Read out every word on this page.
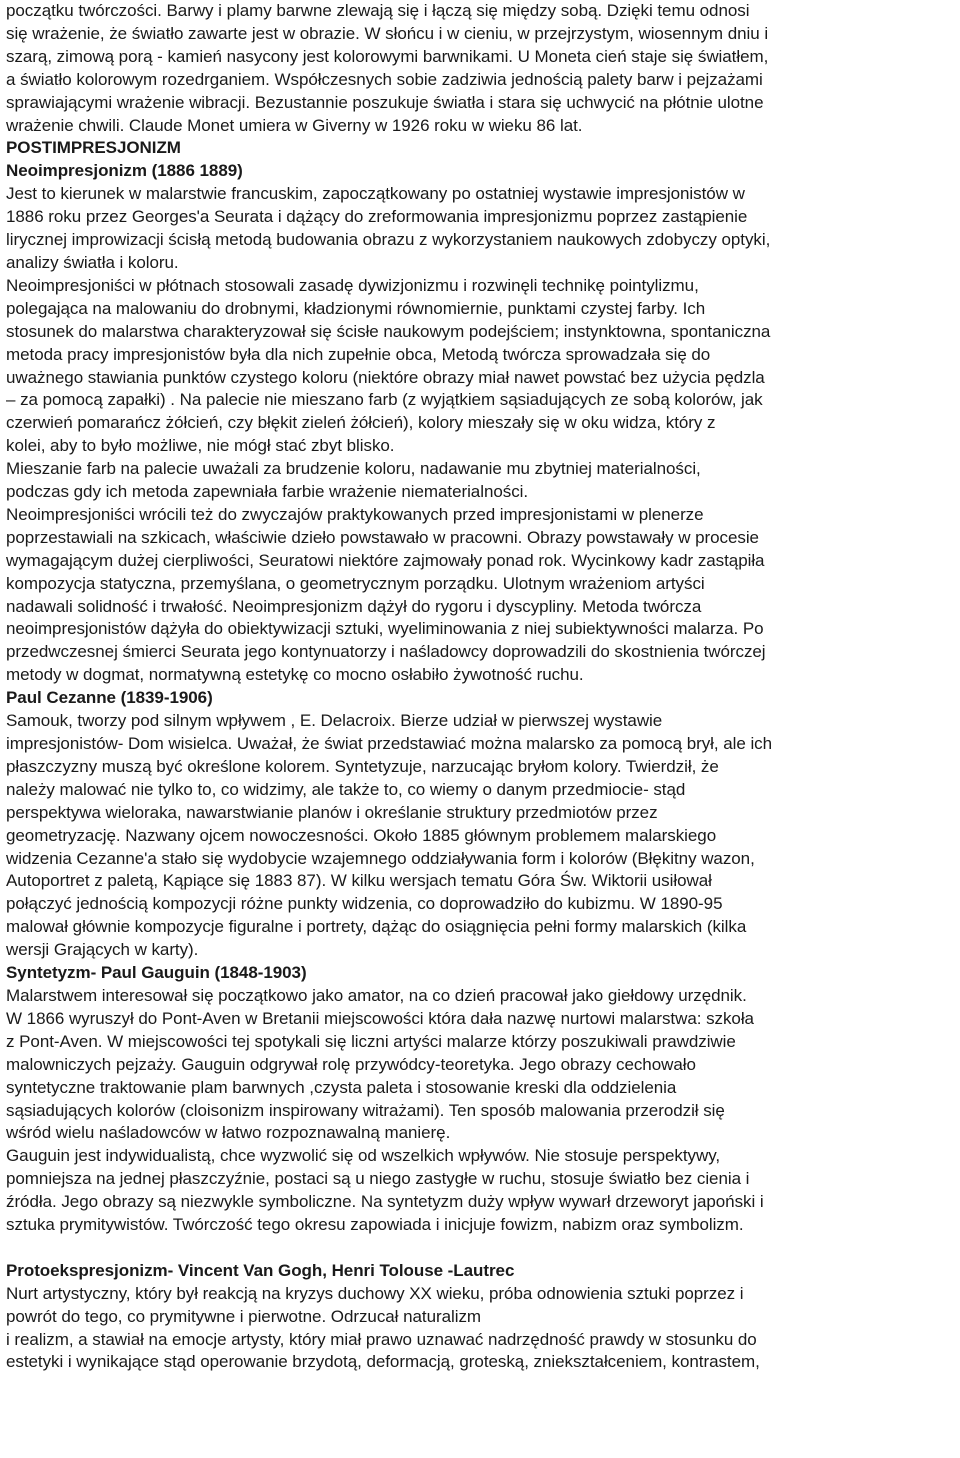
początku twórczości. Barwy i plamy barwne zlewają się i łączą się między sobą. Dzięki temu odnosi
się wrażenie, że światło zawarte jest w obrazie. W słońcu i w cieniu, w przejrzystym, wiosennym dniu i
szarą, zimową porą - kamień nasycony jest kolorowymi barwnikami. U Moneta cień staje się światłem,
a światło kolorowym rozedrganiem. Współczesnych sobie zadziwia jednością palety barw i pejzażami
sprawiającymi wrażenie wibracji. Bezustannie poszukuje światła i stara się uchwycić na płótnie ulotne
wrażenie chwili. Claude Monet umiera w Giverny w 1926 roku w wieku 86 lat.
POSTIMPRESJONIZM
Neoimpresjonizm (1886 1889)
Jest to kierunek w malarstwie francuskim, zapoczątkowany po ostatniej wystawie impresjonistów w
1886 roku przez Georges'a Seurata i dążący do zreformowania impresjonizmu poprzez zastąpienie
lirycznej improwizacji ścisłą metodą budowania obrazu z wykorzystaniem naukowych zdobyczy optyki,
analizy światła i koloru.
Neoimpresjoniści w płótnach stosowali zasadę dywizjonizmu i rozwinęli technikę pointylizmu,
polegająca na malowaniu do drobnymi, kładzionymi równomiernie, punktami czystej farby. Ich
stosunek do malarstwa charakteryzował się ścisłe naukowym podejściem; instynktowna, spontaniczna
metoda pracy impresjonistów była dla nich zupełnie obca, Metodą twórcza sprowadzała się do
uważnego stawiania punktów czystego koloru (niektóre obrazy miał nawet powstać bez użycia pędzla
– za pomocą zapałki) . Na palecie nie mieszano farb (z wyjątkiem sąsiadujących ze sobą kolorów, jak
czerwień pomarańcz żółcień, czy błękit zieleń żółcień), kolory mieszały się w oku widza, który z
kolei, aby to było możliwe, nie mógł stać zbyt blisko.
Mieszanie farb na palecie uważali za brudzenie koloru, nadawanie mu zbytniej materialności,
podczas gdy ich metoda zapewniała farbie wrażenie niematerialności.
Neoimpresjoniści wrócili też do zwyczajów praktykowanych przed impresjonistami w plenerze
poprzestawiali na szkicach, właściwie dzieło powstawało w pracowni. Obrazy powstawały w procesie
wymagającym dużej cierpliwości, Seuratowi niektóre zajmowały ponad rok. Wycinkowy kadr zastąpiła
kompozycja statyczna, przemyślana, o geometrycznym porządku. Ulotnym wrażeniom artyści
nadawali solidność i trwałość. Neoimpresjonizm dążył do rygoru i dyscypliny. Metoda twórcza
neoimpresjonistów dążyła do obiektywizacji sztuki, wyeliminowania z niej subiektywności malarza. Po
przedwczesnej śmierci Seurata jego kontynuatorzy i naśladowcy doprowadzili do skostnienia twórczej
metody w dogmat, normatywną estetykę co mocno osłabiło żywotność ruchu.
Paul Cezanne (1839-1906)
Samouk, tworzy pod silnym wpływem , E. Delacroix. Bierze udział w pierwszej wystawie
impresjonistów- Dom wisielca. Uważał, że świat przedstawiać można malarsko za pomocą brył, ale ich
płaszczyzny muszą być określone kolorem. Syntetyzuje, narzucając bryłom kolory. Twierdził, że
należy malować nie tylko to, co widzimy, ale także to, co wiemy o danym przedmiocie- stąd
perspektywa wieloraka, nawarstwianie planów i określanie struktury przedmiotów przez
geometryzację. Nazwany ojcem nowoczesności. Około 1885 głównym problemem malarskiego
widzenia Cezanne'a stało się wydobycie wzajemnego oddziaływania form i kolorów (Błękitny wazon,
Autoportret z paletą, Kąpiące się 1883 87). W kilku wersjach tematu Góra Św. Wiktorii usiłował
połączyć jednością kompozycji różne punkty widzenia, co doprowadziło do kubizmu. W 1890-95
malował głównie kompozycje figuralne i portrety, dążąc do osiągnięcia pełni formy malarskich (kilka
wersji Grających w karty).
Syntetyzm- Paul Gauguin (1848-1903)
Malarstwem interesował się początkowo jako amator, na co dzień pracował jako giełdowy urzędnik.
W 1866 wyruszył do Pont-Aven w Bretanii miejscowości która dała nazwę nurtowi malarstwa: szkoła
z Pont-Aven. W miejscowości tej spotykali się liczni artyści malarze którzy poszukiwali prawdziwie
malowniczych pejzaży. Gauguin odgrywał rolę przywódcy-teoretyka. Jego obrazy cechowało
syntetyczne traktowanie plam barwnych ,czysta paleta i stosowanie kreski dla oddzielenia
sąsiadujących kolorów (cloisonizm inspirowany witrażami). Ten sposób malowania przerodził się
wśród wielu naśladowców w łatwo rozpoznawalną manierę.
Gauguin jest indywidualistą, chce wyzwolić się od wszelkich wpływów. Nie stosuje perspektywy,
pomniejsza na jednej płaszczyźnie, postaci są u niego zastygłe w ruchu, stosuje światło bez cienia i
źródła. Jego obrazy są niezwykle symboliczne. Na syntetyzm duży wpływ wywarł drzeworyt japoński i
sztuka prymitywistów. Twórczość tego okresu zapowiada i inicjuje fowizm, nabizm oraz symbolizm.
Protoekspresjonizm- Vincent Van Gogh, Henri Tolouse -Lautrec
Nurt artystyczny, który był reakcją na kryzys duchowy XX wieku, próba odnowienia sztuki poprzez i
powrót do tego, co prymitywne i pierwotne. Odrzucał naturalizm
i realizm, a stawiał na emocje artysty, który miał prawo uznawać nadrzędność prawdy w stosunku do
estetyki i wynikające stąd operowanie brzydotą, deformacją, groteską, zniekształceniem, kontrastem,
